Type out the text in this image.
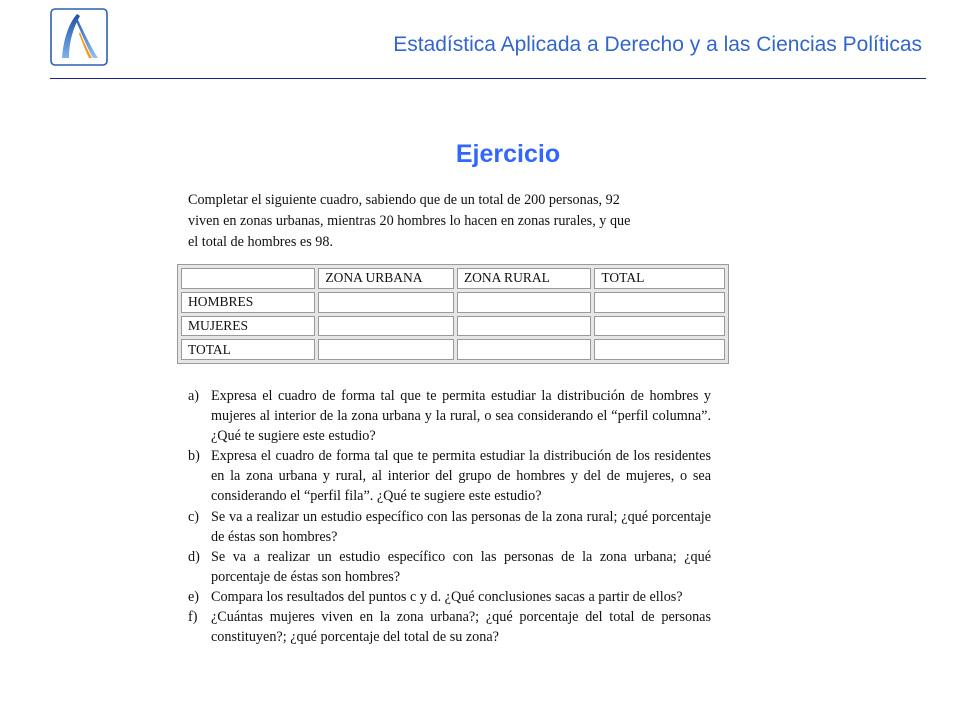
Estadística Aplicada a Derecho y a las Ciencias Políticas
Ejercicio
Completar el siguiente cuadro, sabiendo que de un total de 200 personas, 92
viven en zonas urbanas, mientras 20 hombres lo hacen en zonas rurales, y que
el total de hombres es 98.
	ZONA URBANA	ZONA RURAL	TOTAL
HOMBRES			
MUJERES			
TOTAL			
a) Expresa el cuadro de forma tal que te permita estudiar la distribución de hombres y mujeres al interior de la zona urbana y la rural, o sea considerando el “perfil columna”. ¿Qué te sugiere este estudio?
b) Expresa el cuadro de forma tal que te permita estudiar la distribución de los residentes en la zona urbana y rural, al interior del grupo de hombres y del de mujeres, o sea considerando el “perfil fila”. ¿Qué te sugiere este estudio?
c) Se va a realizar un estudio específico con las personas de la zona rural; ¿qué porcentaje de éstas son hombres?
d) Se va a realizar un estudio específico con las personas de la zona urbana; ¿qué porcentaje de éstas son hombres?
e) Compara los resultados del puntos c y d. ¿Qué conclusiones sacas a partir de ellos?
f) ¿Cuántas mujeres viven en la zona urbana?; ¿qué porcentaje del total de personas constituyen?; ¿qué porcentaje del total de su zona?
